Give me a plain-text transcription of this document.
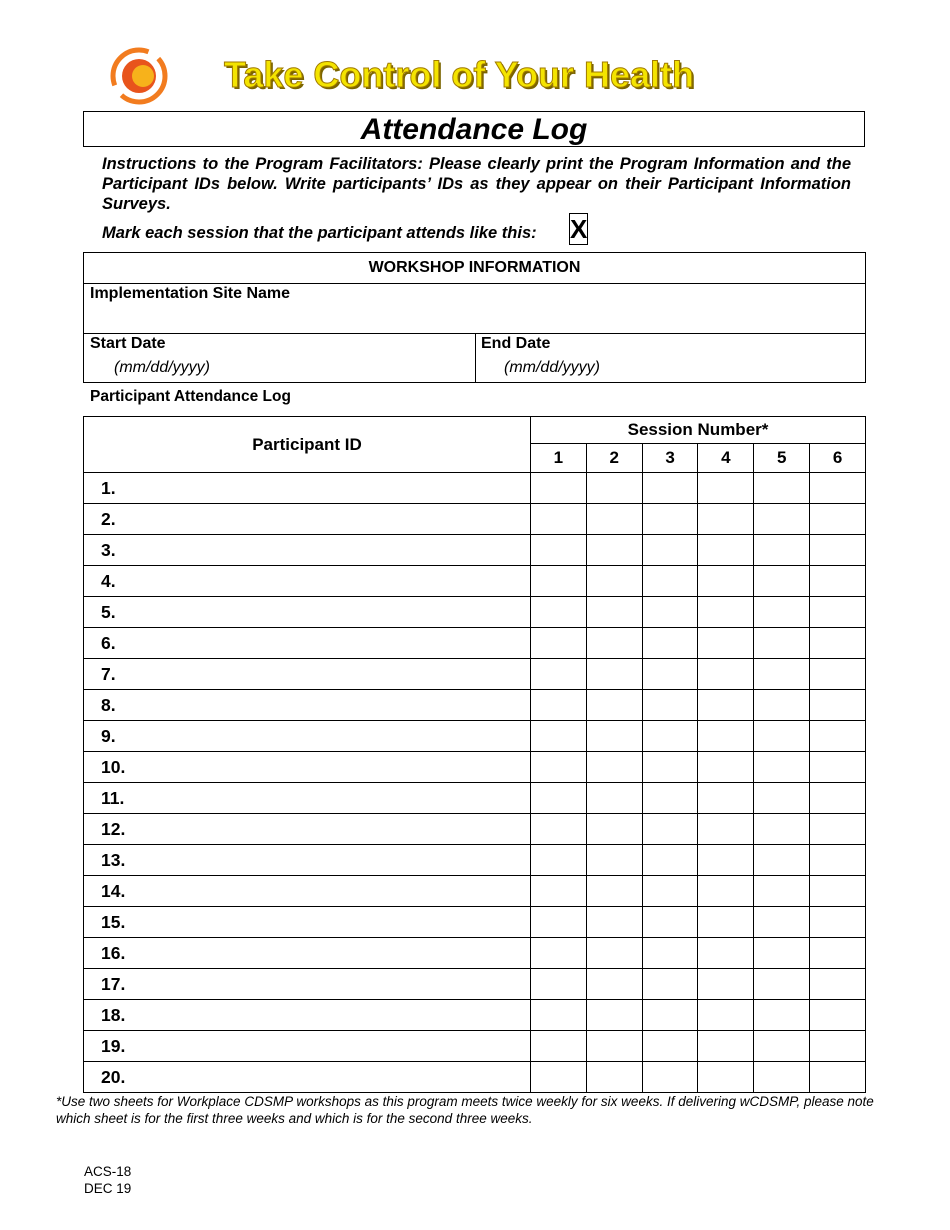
Take Control of Your Health
Attendance Log
Instructions to the Program Facilitators: Please clearly print the Program Information and the Participant IDs below. Write participants’ IDs as they appear on their Participant Information Surveys.
Mark each session that the participant attends like this: X
WORKSHOP INFORMATION
Implementation Site Name
Start Date	End Date
(mm/dd/yyyy)	(mm/dd/yyyy)
Participant Attendance Log
Participant ID	Session Number*					
	1	2	3	4	5	6
1.						
2.						
3.						
4.						
5.						
6.						
7.						
8.						
9.						
10.						
11.						
12.						
13.						
14.						
15.						
16.						
17.						
18.						
19.						
20.						
*Use two sheets for Workplace CDSMP workshops as this program meets twice weekly for six weeks. If delivering wCDSMP, please note which sheet is for the first three weeks and which is for the second three weeks.
ACS-18
DEC 19
